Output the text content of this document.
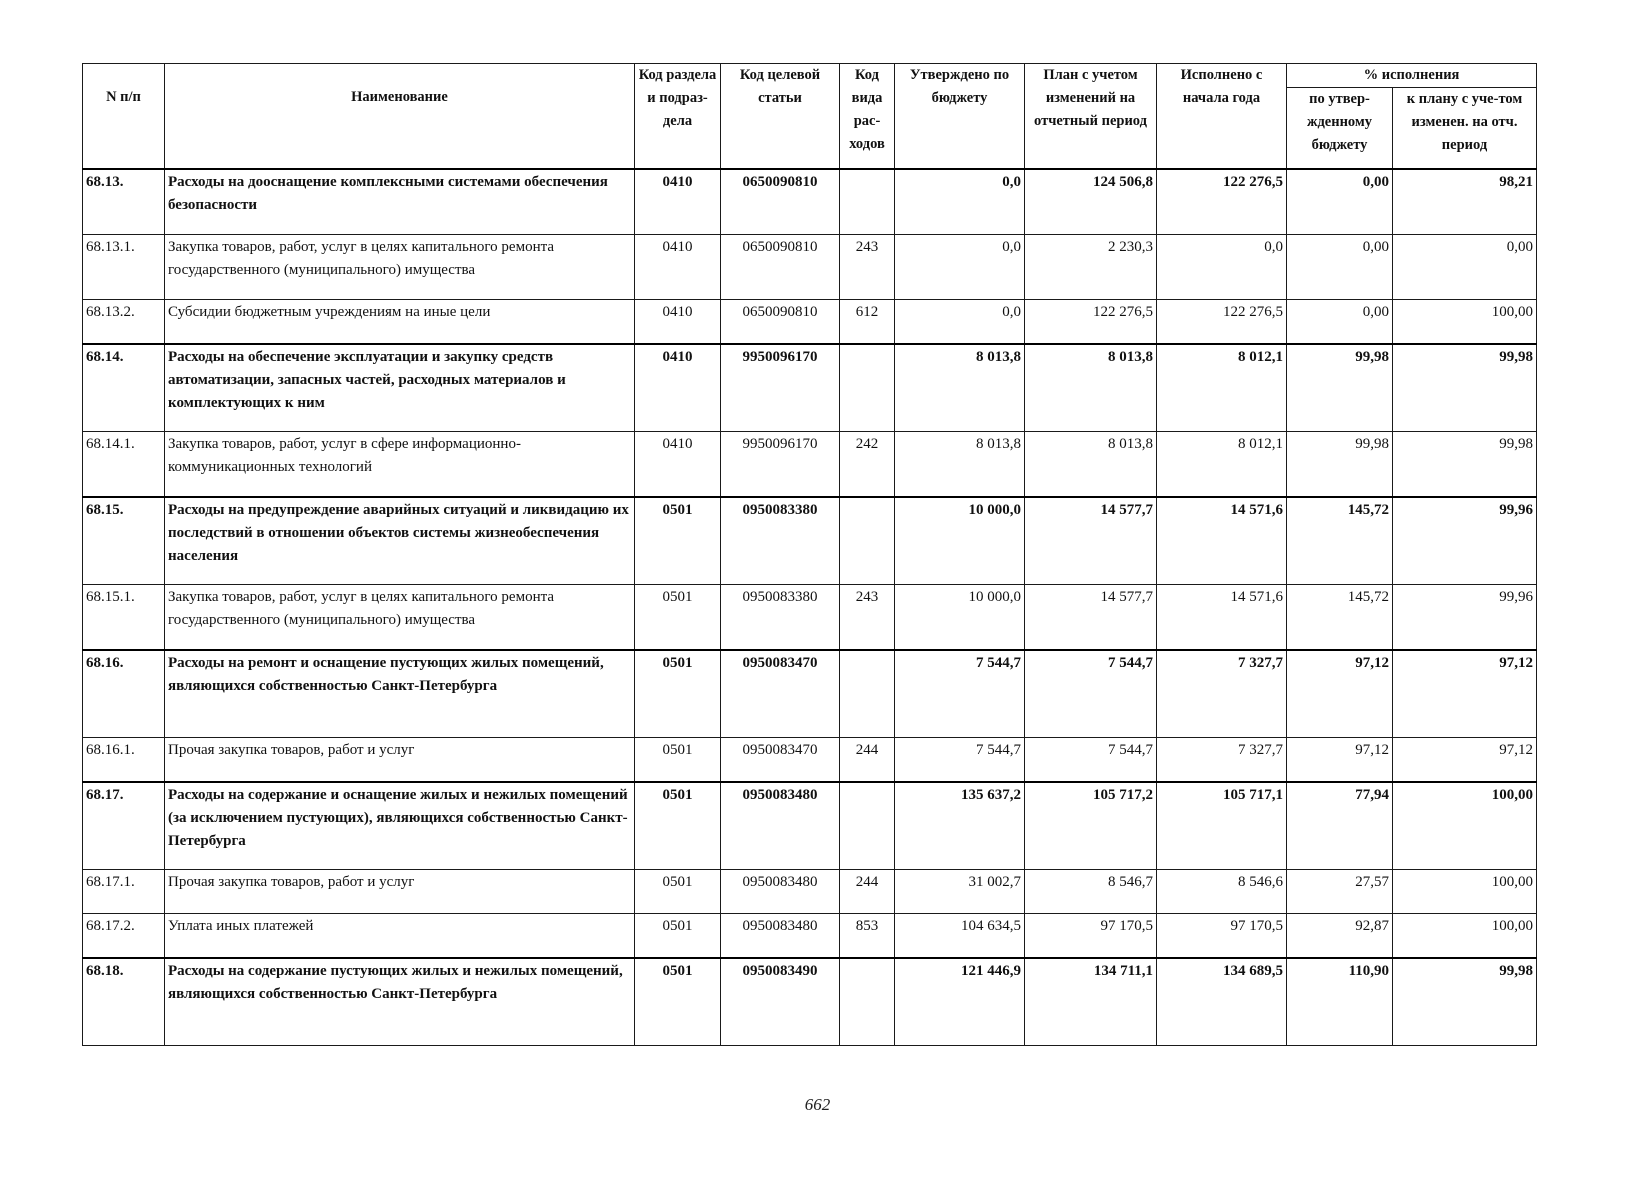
N п/п	Наименование	Код раздела и подраз-дела	Код целевой статьи	Код вида рас-ходов	Утверждено по бюджету	План с учетом изменений на отчетный период	Исполнено с начала года	% исполнения	
								по утвер-жденному бюджету	к плану с уче-том изменен. на отч. период
68.13.	Расходы на дооснащение комплексными системами обеспечения безопасности	0410	0650090810		0,0	124 506,8	122 276,5	0,00	98,21
68.13.1.	Закупка товаров, работ, услуг в целях капитального ремонта государственного (муниципального) имущества	0410	0650090810	243	0,0	2 230,3	0,0	0,00	0,00
68.13.2.	Субсидии бюджетным учреждениям на иные цели	0410	0650090810	612	0,0	122 276,5	122 276,5	0,00	100,00
68.14.	Расходы на обеспечение эксплуатации и закупку средств автоматизации, запасных частей, расходных материалов и комплектующих к ним	0410	9950096170		8 013,8	8 013,8	8 012,1	99,98	99,98
68.14.1.	Закупка товаров, работ, услуг в сфере информационно-коммуникационных технологий	0410	9950096170	242	8 013,8	8 013,8	8 012,1	99,98	99,98
68.15.	Расходы на предупреждение аварийных ситуаций и ликвидацию их последствий в отношении объектов системы жизнеобеспечения населения	0501	0950083380		10 000,0	14 577,7	14 571,6	145,72	99,96
68.15.1.	Закупка товаров, работ, услуг в целях капитального ремонта государственного (муниципального) имущества	0501	0950083380	243	10 000,0	14 577,7	14 571,6	145,72	99,96
68.16.	Расходы на ремонт и оснащение пустующих жилых помещений, являющихся собственностью Санкт-Петербурга	0501	0950083470		7 544,7	7 544,7	7 327,7	97,12	97,12
68.16.1.	Прочая закупка товаров, работ и услуг	0501	0950083470	244	7 544,7	7 544,7	7 327,7	97,12	97,12
68.17.	Расходы на содержание и оснащение жилых и нежилых помещений (за исключением пустующих), являющихся собственностью Санкт-Петербурга	0501	0950083480		135 637,2	105 717,2	105 717,1	77,94	100,00
68.17.1.	Прочая закупка товаров, работ и услуг	0501	0950083480	244	31 002,7	8 546,7	8 546,6	27,57	100,00
68.17.2.	Уплата иных платежей	0501	0950083480	853	104 634,5	97 170,5	97 170,5	92,87	100,00
68.18.	Расходы на содержание пустующих жилых и нежилых помещений, являющихся собственностью Санкт-Петербурга	0501	0950083490		121 446,9	134 711,1	134 689,5	110,90	99,98
662
